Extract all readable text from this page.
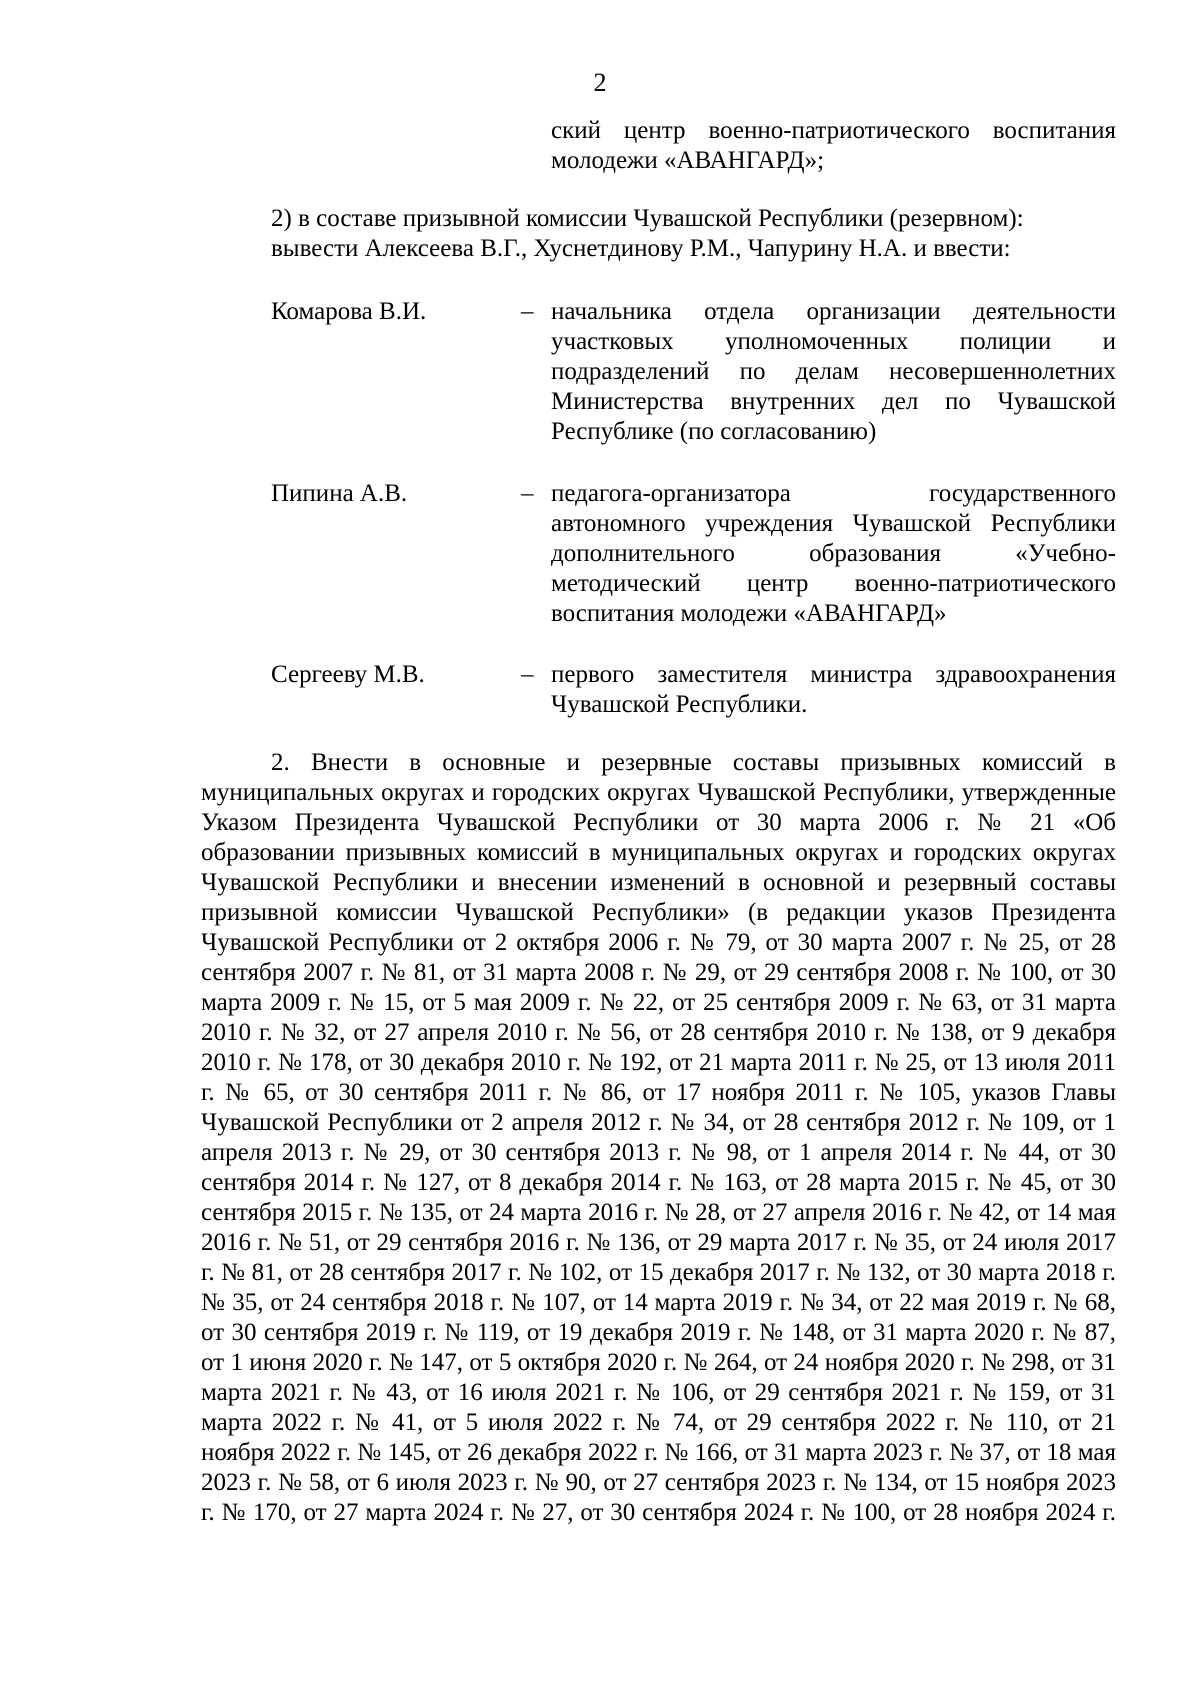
2
ский центр военно-патриотического воспитания молодежи «АВАНГАРД»;
2) в составе призывной комиссии Чувашской Республики (резервном):
вывести Алексеева В.Г., Хуснетдинову Р.М., Чапурину Н.А. и ввести:
Комарова В.И.	– начальника отдела организации деятельности участковых уполномоченных полиции и подразделений по делам несовершеннолетних Министерства внутренних дел по Чувашской Республике (по согласованию)
Пипина А.В.	– педагога-организатора государственного автономного учреждения Чувашской Республики дополнительного образования «Учебно-методический центр военно-патриотического воспитания молодежи «АВАНГАРД»
Сергееву М.В.	– первого заместителя министра здравоохранения Чувашской Республики.
2. Внести в основные и резервные составы призывных комиссий в муниципальных округах и городских округах Чувашской Республики, утвержденные Указом Президента Чувашской Республики от 30 марта 2006 г. № 21 «Об образовании призывных комиссий в муниципальных округах и городских округах Чувашской Республики и внесении изменений в основной и резервный составы призывной комиссии Чувашской Республики» (в редакции указов Президента Чувашской Республики от 2 октября 2006 г. № 79, от 30 марта 2007 г. № 25, от 28 сентября 2007 г. № 81, от 31 марта 2008 г. № 29, от 29 сентября 2008 г. № 100, от 30 марта 2009 г. № 15, от 5 мая 2009 г. № 22, от 25 сентября 2009 г. № 63, от 31 марта 2010 г. № 32, от 27 апреля 2010 г. № 56, от 28 сентября 2010 г. № 138, от 9 декабря 2010 г. № 178, от 30 декабря 2010 г. № 192, от 21 марта 2011 г. № 25, от 13 июля 2011 г. № 65, от 30 сентября 2011 г. № 86, от 17 ноября 2011 г. № 105, указов Главы Чувашской Республики от 2 апреля 2012 г. № 34, от 28 сентября 2012 г. № 109, от 1 апреля 2013 г. № 29, от 30 сентября 2013 г. № 98, от 1 апреля 2014 г. № 44, от 30 сентября 2014 г. № 127, от 8 декабря 2014 г. № 163, от 28 марта 2015 г. № 45, от 30 сентября 2015 г. № 135, от 24 марта 2016 г. № 28, от 27 апреля 2016 г. № 42, от 14 мая 2016 г. № 51, от 29 сентября 2016 г. № 136, от 29 марта 2017 г. № 35, от 24 июля 2017 г. № 81, от 28 сентября 2017 г. № 102, от 15 декабря 2017 г. № 132, от 30 марта 2018 г. № 35, от 24 сентября 2018 г. № 107, от 14 марта 2019 г. № 34, от 22 мая 2019 г. № 68, от 30 сентября 2019 г. № 119, от 19 декабря 2019 г. № 148, от 31 марта 2020 г. № 87, от 1 июня 2020 г. № 147, от 5 октября 2020 г. № 264, от 24 ноября 2020 г. № 298, от 31 марта 2021 г. № 43, от 16 июля 2021 г. № 106, от 29 сентября 2021 г. № 159, от 31 марта 2022 г. № 41, от 5 июля 2022 г. № 74, от 29 сентября 2022 г. № 110, от 21 ноября 2022 г. № 145, от 26 декабря 2022 г. № 166, от 31 марта 2023 г. № 37, от 18 мая 2023 г. № 58, от 6 июля 2023 г. № 90, от 27 сентября 2023 г. № 134, от 15 ноября 2023 г. № 170, от 27 марта 2024 г. № 27, от 30 сентября 2024 г. № 100, от 28 ноября 2024 г.
